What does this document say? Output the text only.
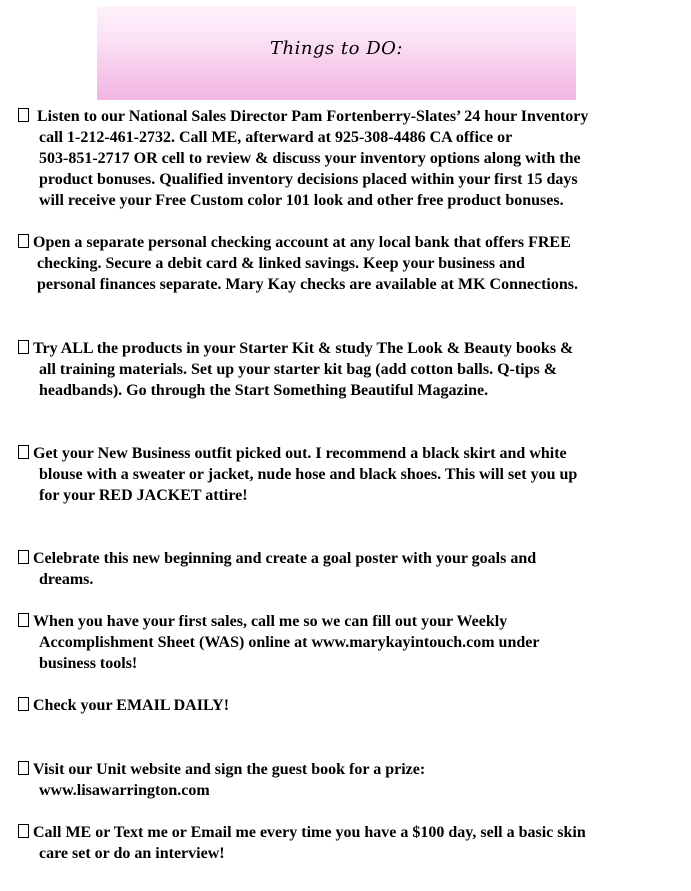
Things to DO:
Listen to our National Sales Director Pam Fortenberry-Slates’ 24 hour Inventory
call 1-212-461-2732. Call ME, afterward at 925-308-4486 CA office or
503-851-2717 OR cell to review & discuss your inventory options along with the
product bonuses. Qualified inventory decisions placed within your first 15 days
will receive your Free Custom color 101 look and other free product bonuses.
Open a separate personal checking account at any local bank that offers FREE
checking. Secure a debit card & linked savings. Keep your business and
personal finances separate. Mary Kay checks are available at MK Connections.
Try ALL the products in your Starter Kit & study The Look & Beauty books &
all training materials. Set up your starter kit bag (add cotton balls. Q-tips &
headbands). Go through the Start Something Beautiful Magazine.
Get your New Business outfit picked out. I recommend a black skirt and white
blouse with a sweater or jacket, nude hose and black shoes. This will set you up
for your RED JACKET attire!
Celebrate this new beginning and create a goal poster with your goals and
dreams.
When you have your first sales, call me so we can fill out your Weekly
Accomplishment Sheet (WAS) online at www.marykayintouch.com under
business tools!
Check your EMAIL DAILY!
Visit our Unit website and sign the guest book for a prize:
www.lisawarrington.com
Call ME or Text me or Email me every time you have a $100 day, sell a basic skin
care set or do an interview!
